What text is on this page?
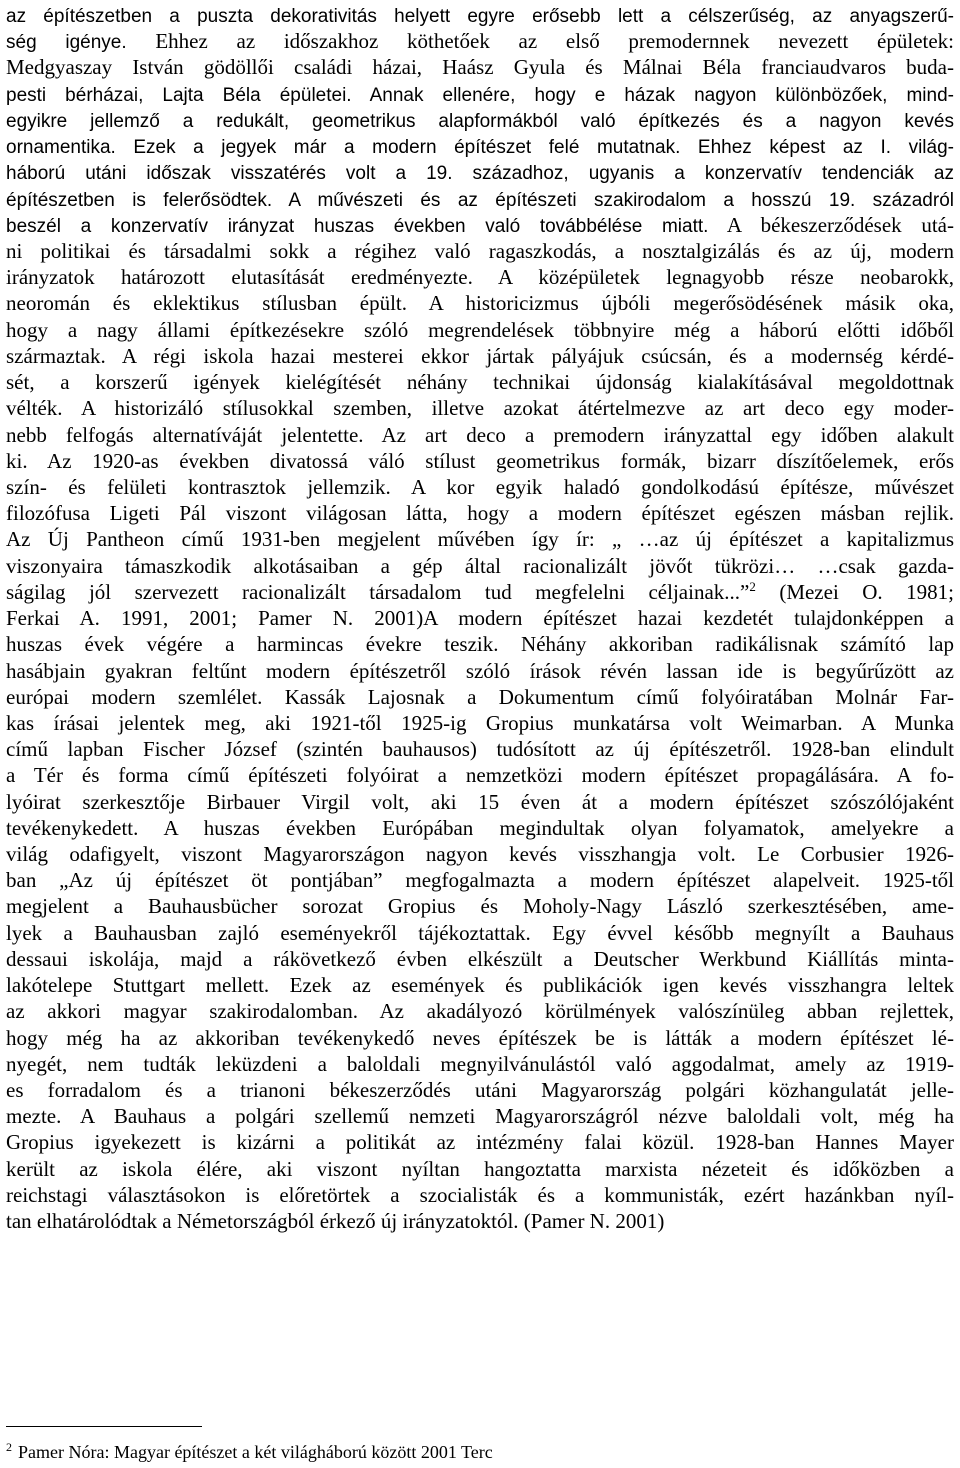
az építészetben a puszta dekorativitás helyett egyre erősebb lett a célszerűség, az anyagszerű-
ség igénye. Ehhez az időszakhoz köthetőek az első premodernnek nevezett épületek:
Medgyaszay István gödöllői családi házai, Haász Gyula és Málnai Béla franciaudvaros buda-
pesti bérházai, Lajta Béla épületei. Annak ellenére, hogy e házak nagyon különbözőek, mind-
egyikre jellemző a redukált, geometrikus alapformákból való építkezés és a nagyon kevés
ornamentika. Ezek a jegyek már a modern építészet felé mutatnak. Ehhez képest az I. világ-
háború utáni időszak visszatérés volt a 19. századhoz, ugyanis a konzervatív tendenciák az
építészetben is felerősödtek. A művészeti és az építészeti szakirodalom a hosszú 19. századról
beszél a konzervatív irányzat huszas években való továbbélése miatt. A békeszerződések utá-
ni politikai és társadalmi sokk a régihez való ragaszkodás, a nosztalgizálás és az új, modern
irányzatok határozott elutasítását eredményezte. A középületek legnagyobb része neobarokk,
neoromán és eklektikus stílusban épült. A historicizmus újbóli megerősödésének másik oka,
hogy a nagy állami építkezésekre szóló megrendelések többnyire még a háború előtti időből
származtak. A régi iskola hazai mesterei ekkor jártak pályájuk csúcsán, és a modernség kérdé-
sét, a korszerű igények kielégítését néhány technikai újdonság kialakításával megoldottnak
vélték. A historizáló stílusokkal szemben, illetve azokat átértelmezve az art deco egy moder-
nebb felfogás alternatíváját jelentette. Az art deco a premodern irányzattal egy időben alakult
ki. Az 1920-as években divatossá váló stílust geometrikus formák, bizarr díszítőelemek, erős
szín- és felületi kontrasztok jellemzik. A kor egyik haladó gondolkodású építésze, művészet
filozófusa Ligeti Pál viszont világosan látta, hogy a modern építészet egészen másban rejlik.
Az Új Pantheon című 1931-ben megjelent művében így ír: „ …az új építészet a kapitalizmus
viszonyaira támaszkodik alkotásaiban a gép által racionalizált jövőt tükrözi… …csak gazda-
ságilag jól szervezett racionalizált társadalom tud megfelelni céljainak...”$^2$ (Mezei O. 1981;
Ferkai A. 1991, 2001; Pamer N. 2001)A modern építészet hazai kezdetét tulajdonképpen a
huszas évek végére a harmincas évekre teszik. Néhány akkoriban radikálisnak számító lap
hasábjain gyakran feltűnt modern építészetről szóló írások révén lassan ide is begyűrűzött az
európai modern szemlélet. Kassák Lajosnak a Dokumentum című folyóiratában Molnár Far-
kas írásai jelentek meg, aki 1921-től 1925-ig Gropius munkatársa volt Weimarban. A Munka
című lapban Fischer József (szintén bauhausos) tudósított az új építészetről. 1928-ban elindult
a Tér és forma című építészeti folyóirat a nemzetközi modern építészet propagálására. A fo-
lyóirat szerkesztője Birbauer Virgil volt, aki 15 éven át a modern építészet szószólójaként
tevékenykedett. A huszas években Európában megindultak olyan folyamatok, amelyekre a
világ odafigyelt, viszont Magyarországon nagyon kevés visszhangja volt. Le Corbusier 1926-
ban „Az új építészet öt pontjában” megfogalmazta a modern építészet alapelveit. 1925-től
megjelent a Bauhausbücher sorozat Gropius és Moholy-Nagy László szerkesztésében, ame-
lyek a Bauhausban zajló eseményekről tájékoztattak. Egy évvel később megnyílt a Bauhaus
dessaui iskolája, majd a rákövetkező évben elkészült a Deutscher Werkbund Kiállítás minta-
lakótelepe Stuttgart mellett. Ezek az események és publikációk igen kevés visszhangra leltek
az akkori magyar szakirodalomban. Az akadályozó körülmények valószínüleg abban rejlettek,
hogy még ha az akkoriban tevékenykedő neves építészek be is látták a modern építészet lé-
nyegét, nem tudták leküzdeni a baloldali megnyilvánulástól való aggodalmat, amely az 1919-
es forradalom és a trianoni békeszerződés utáni Magyarország polgári közhangulatát jelle-
mezte. A Bauhaus a polgári szellemű nemzeti Magyarországról nézve baloldali volt, még ha
Gropius igyekezett is kizárni a politikát az intézmény falai közül. 1928-ban Hannes Mayer
került az iskola élére, aki viszont nyíltan hangoztatta marxista nézeteit és időközben a
reichstagi választásokon is előretörtek a szocialisták és a kommunisták, ezért hazánkban nyíl-
tan elhatárolódtak a Németországból érkező új irányzatoktól. (Pamer N. 2001)
$^2$ Pamer Nóra: Magyar építészet a két világháború között 2001 Terc
